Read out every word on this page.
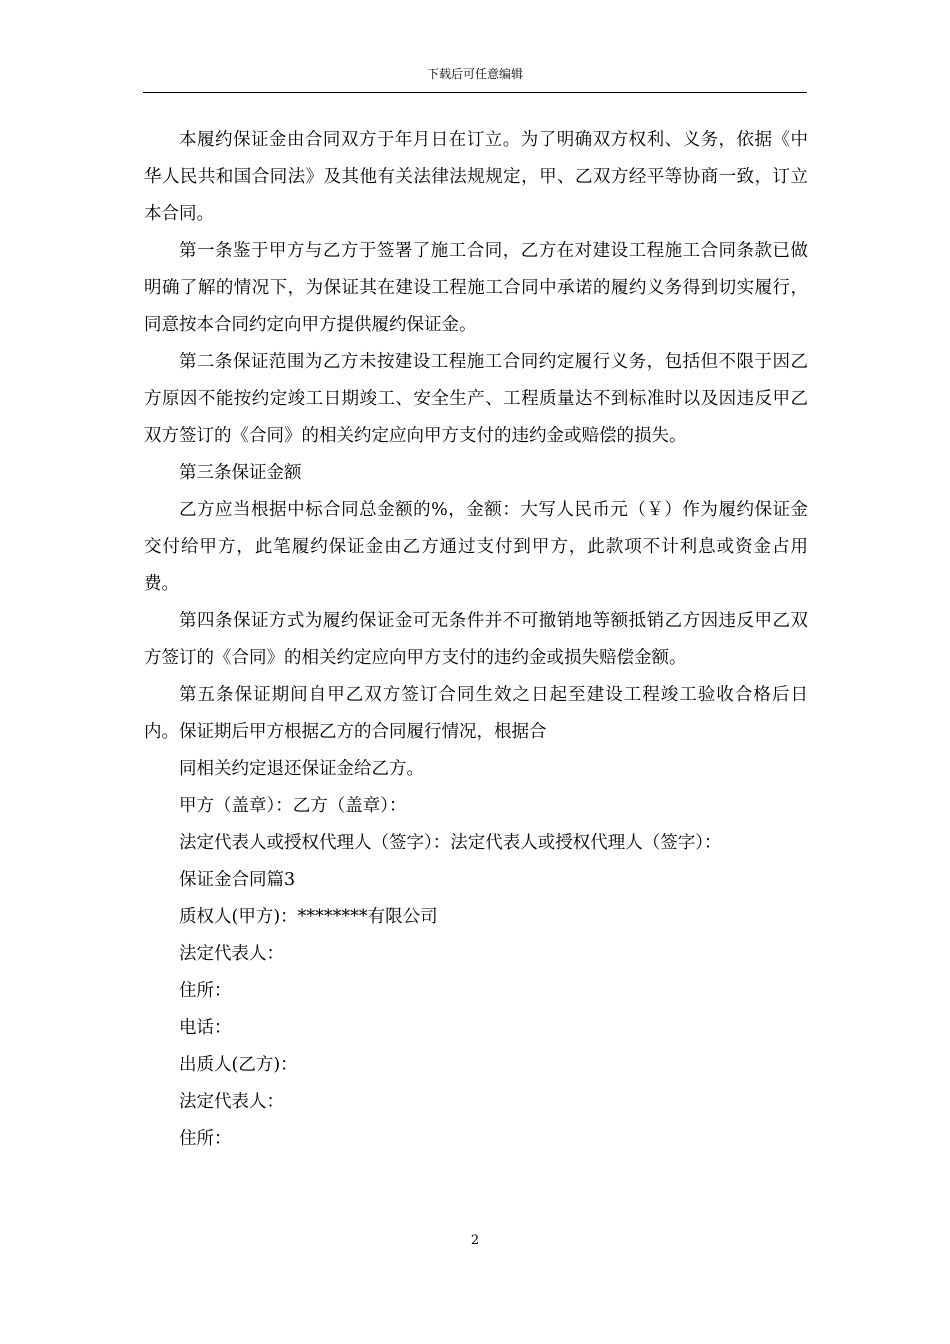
下载后可任意编辑

本履约保证金由合同双方于年月日在订立。为了明确双方权利、义务，依据《中华人民共和国合同法》及其他有关法律法规规定，甲、乙双方经平等协商一致，订立本合同。

第一条鉴于甲方与乙方于签署了施工合同，乙方在对建设工程施工合同条款已做明确了解的情况下，为保证其在建设工程施工合同中承诺的履约义务得到切实履行，同意按本合同约定向甲方提供履约保证金。

第二条保证范围为乙方未按建设工程施工合同约定履行义务，包括但不限于因乙方原因不能按约定竣工日期竣工、安全生产、工程质量达不到标准时以及因违反甲乙双方签订的《合同》的相关约定应向甲方支付的违约金或赔偿的损失。

第三条保证金额

乙方应当根据中标合同总金额的%，金额：大写人民币元（￥）作为履约保证金交付给甲方，此笔履约保证金由乙方通过支付到甲方，此款项不计利息或资金占用费。

第四条保证方式为履约保证金可无条件并不可撤销地等额抵销乙方因违反甲乙双方签订的《合同》的相关约定应向甲方支付的违约金或损失赔偿金额。

第五条保证期间自甲乙双方签订合同生效之日起至建设工程竣工验收合格后日内。保证期后甲方根据乙方的合同履行情况，根据合

同相关约定退还保证金给乙方。

甲方（盖章）：乙方（盖章）：

法定代表人或授权代理人（签字）：法定代表人或授权代理人（签字）：

保证金合同篇3

质权人(甲方)：********有限公司

法定代表人：

住所：

电话：

出质人(乙方)：

法定代表人：

住所：

2
